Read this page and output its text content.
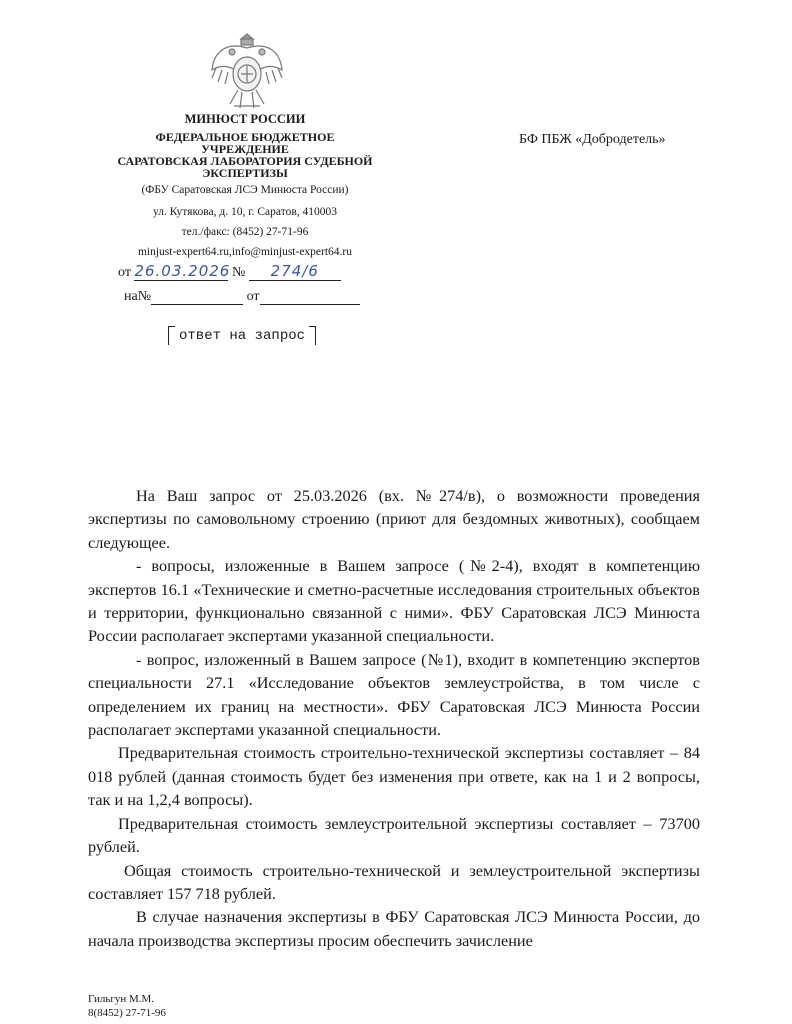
МИНЮСТ РОССИИ
ФЕДЕРАЛЬНОЕ БЮДЖЕТНОЕ
УЧРЕЖДЕНИЕ
САРАТОВСКАЯ ЛАБОРАТОРИЯ СУДЕБНОЙ
ЭКСПЕРТИЗЫ
(ФБУ Саратовская ЛСЭ Минюста России)
ул. Кутякова, д. 10, г. Саратов, 410003
тел./факс: (8452) 27-71-96
minjust-expert64.ru,info@minjust-expert64.ru
от 26.03.2026 № 274/6
на№	от
БФ ПБЖ «Добродетель»
ответ на запрос

На Ваш запрос от 25.03.2026 (вх. №274/в), о возможности проведения экспертизы по самовольному строению (приют для бездомных животных), сообщаем следующее.

- вопросы, изложенные в Вашем запросе (№2-4), входят в компетенцию экспертов 16.1 «Технические и сметно-расчетные исследования строительных объектов и территории, функционально связанной с ними». ФБУ Саратовская ЛСЭ Минюста России располагает экспертами указанной специальности.

- вопрос, изложенный в Вашем запросе (№1), входит в компетенцию экспертов специальности 27.1 «Исследование объектов землеустройства, в том числе с определением их границ на местности». ФБУ Саратовская ЛСЭ Минюста России располагает экспертами указанной специальности.

Предварительная стоимость строительно-технической экспертизы составляет – 84 018 рублей (данная стоимость будет без изменения при ответе, как на 1 и 2 вопросы, так и на 1,2,4 вопросы).

Предварительная стоимость землеустроительной экспертизы составляет – 73700 рублей.

Общая стоимость строительно-технической и землеустроительной экспертизы составляет 157 718 рублей.

В случае назначения экспертизы в ФБУ Саратовская ЛСЭ Минюста России, до начала производства экспертизы просим обеспечить зачисление

Гильгун М.М.
8(8452) 27-71-96
